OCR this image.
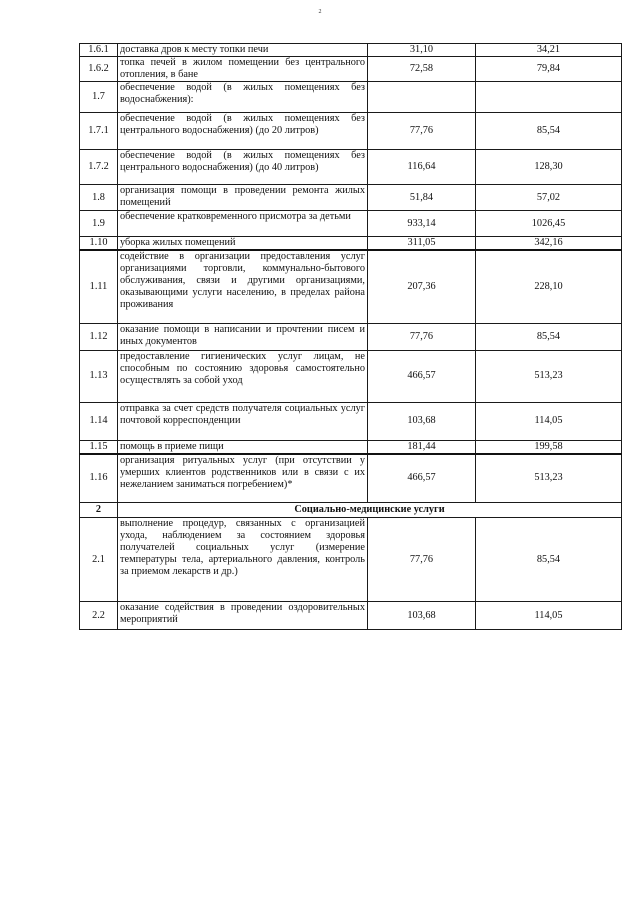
2
1.6.1	доставка дров к месту топки печи	31,10	34,21
1.6.2	топка печей в жилом помещении без центрального отопления, в бане	72,58	79,84
1.7	обеспечение водой (в жилых помещениях без водоснабжения):		
1.7.1	обеспечение водой (в жилых помещениях без центрального водоснабжения) (до 20 литров)	77,76	85,54
1.7.2	обеспечение водой (в жилых помещениях без центрального водоснабжения) (до 40 литров)	116,64	128,30
1.8	организация помощи в проведении ремонта жилых помещений	51,84	57,02
1.9	обеспечение кратковременного присмотра за детьми	933,14	1026,45
1.10	уборка жилых помещений	311,05	342,16
1.11	содействие в организации предоставления услуг организациями торговли, коммунально-бытового обслуживания, связи и другими организациями, оказывающими услуги населению, в пределах района проживания	207,36	228,10
1.12	оказание помощи в написании и прочтении писем и иных документов	77,76	85,54
1.13	предоставление гигиенических услуг лицам, не способным по состоянию здоровья самостоятельно осуществлять за собой уход	466,57	513,23
1.14	отправка за счет средств получателя социальных услуг почтовой корреспонденции	103,68	114,05
1.15	помощь в приеме пищи	181,44	199,58
1.16	организация ритуальных услуг (при отсутствии у умерших клиентов родственников или в связи с их нежеланием заниматься погребением)*	466,57	513,23
2	Социально-медицинские услуги		
2.1	выполнение процедур, связанных с организацией ухода, наблюдением за состоянием здоровья получателей социальных услуг (измерение температуры тела, артериального давления, контроль за приемом лекарств и др.)	77,76	85,54
2.2	оказание содействия в проведении оздоровительных мероприятий	103,68	114,05
